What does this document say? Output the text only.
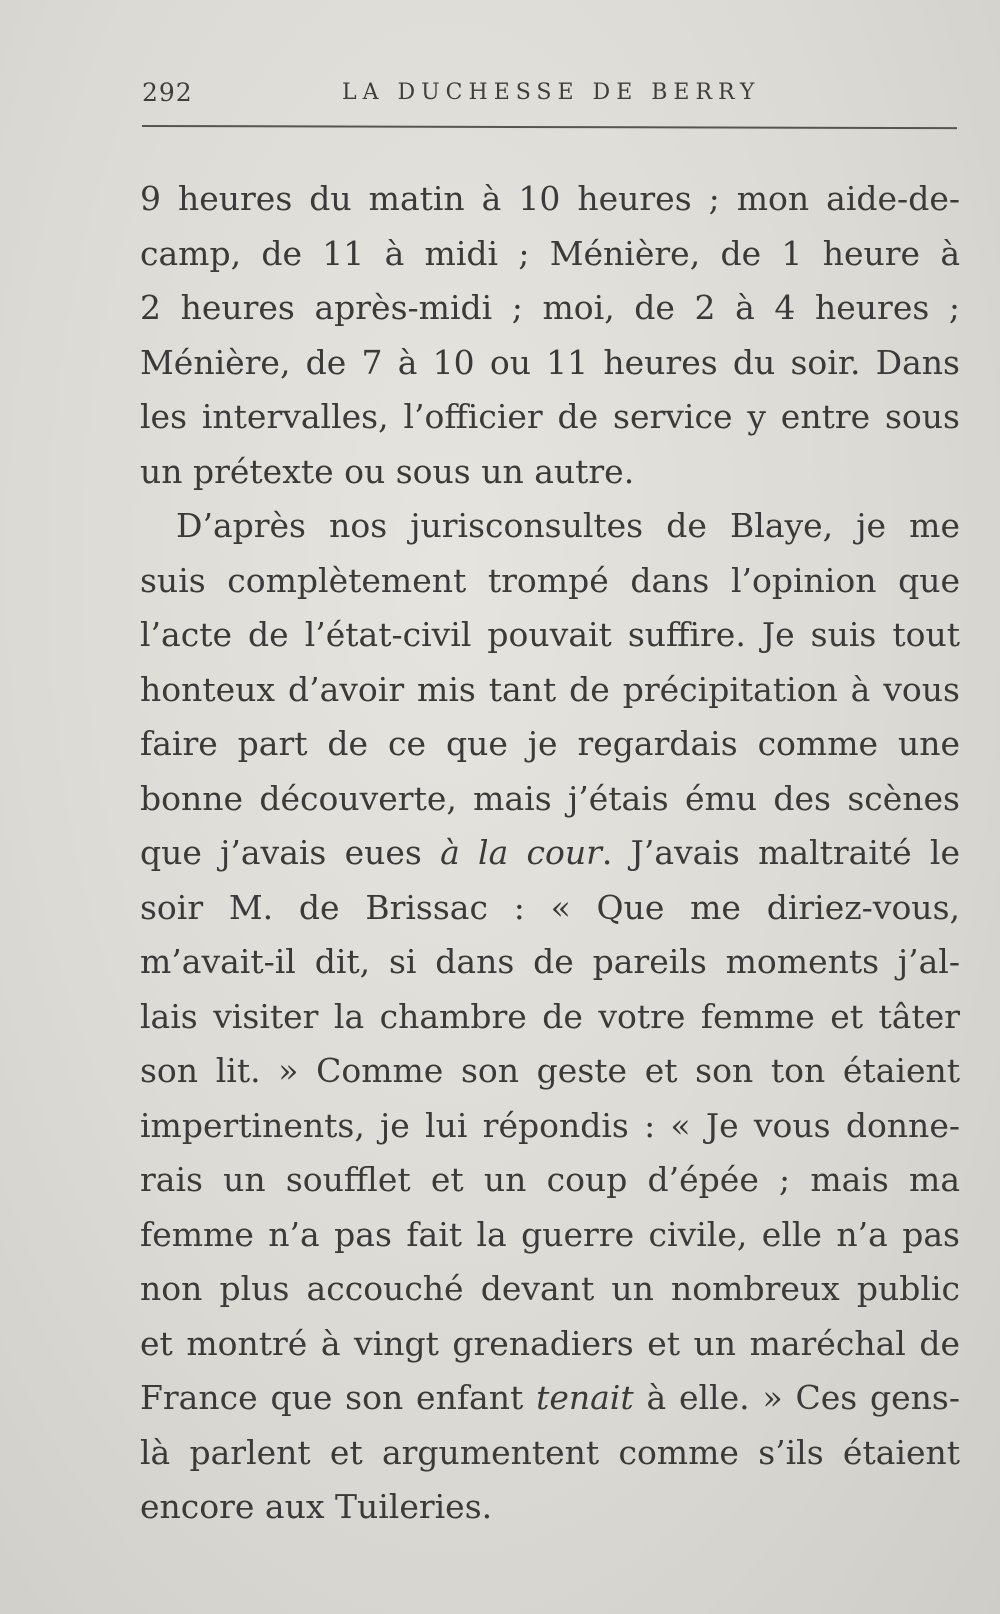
292	LA DUCHESSE DE BERRY
9 heures du matin à 10 heures ; mon aide-de-
camp, de 11 à midi ; Ménière, de 1 heure à
2 heures après-midi ; moi, de 2 à 4 heures ;
Ménière, de 7 à 10 ou 11 heures du soir. Dans
les intervalles, l’officier de service y entre sous
un prétexte ou sous un autre.
D’après nos jurisconsultes de Blaye, je me
suis complètement trompé dans l’opinion que
l’acte de l’état-civil pouvait suffire. Je suis tout
honteux d’avoir mis tant de précipitation à vous
faire part de ce que je regardais comme une
bonne découverte, mais j’étais ému des scènes
que j’avais eues à la cour. J’avais maltraité le
soir M. de Brissac : « Que me diriez-vous,
m’avait-il dit, si dans de pareils moments j’al-
lais visiter la chambre de votre femme et tâter
son lit. » Comme son geste et son ton étaient
impertinents, je lui répondis : « Je vous donne-
rais un soufflet et un coup d’épée ; mais ma
femme n’a pas fait la guerre civile, elle n’a pas
non plus accouché devant un nombreux public
et montré à vingt grenadiers et un maréchal de
France que son enfant tenait à elle. » Ces gens-
là parlent et argumentent comme s’ils étaient
encore aux Tuileries.
